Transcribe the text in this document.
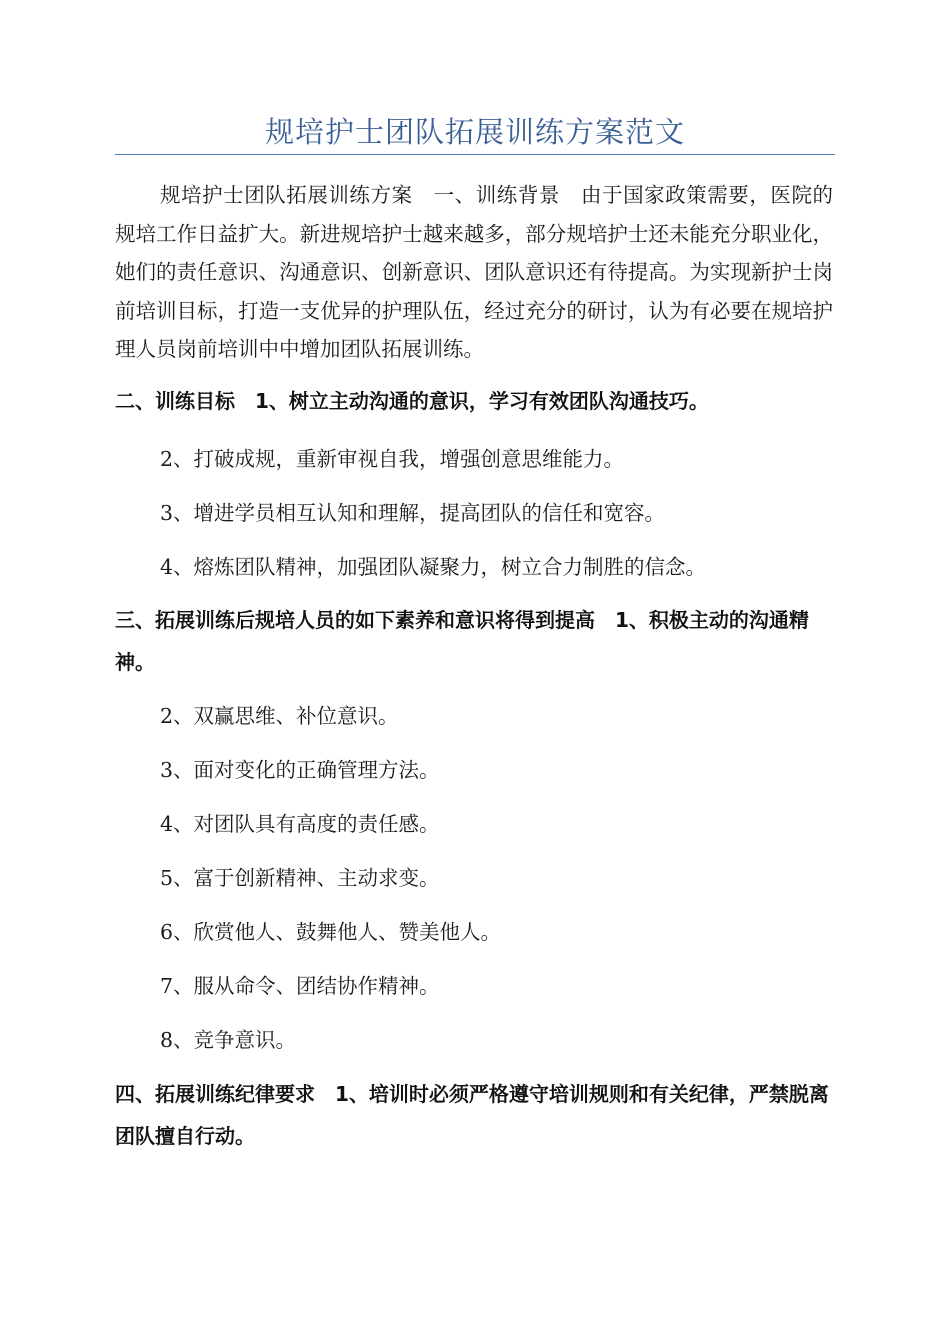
规培护士团队拓展训练方案范文

规培护士团队拓展训练方案　一、训练背景　由于国家政策需要，医院的规培工作日益扩大。新进规培护士越来越多，部分规培护士还未能充分职业化，她们的责任意识、沟通意识、创新意识、团队意识还有待提高。为实现新护士岗前培训目标，打造一支优异的护理队伍，经过充分的研讨，认为有必要在规培护理人员岗前培训中中增加团队拓展训练。

二、训练目标　1、树立主动沟通的意识，学习有效团队沟通技巧。

2、打破成规，重新审视自我，增强创意思维能力。

3、增进学员相互认知和理解，提高团队的信任和宽容。

4、熔炼团队精神，加强团队凝聚力，树立合力制胜的信念。

三、拓展训练后规培人员的如下素养和意识将得到提高　1、积极主动的沟通精神。

2、双赢思维、补位意识。

3、面对变化的正确管理方法。

4、对团队具有高度的责任感。

5、富于创新精神、主动求变。

6、欣赏他人、鼓舞他人、赞美他人。

7、服从命令、团结协作精神。

8、竞争意识。

四、拓展训练纪律要求　1、培训时必须严格遵守培训规则和有关纪律，严禁脱离团队擅自行动。
